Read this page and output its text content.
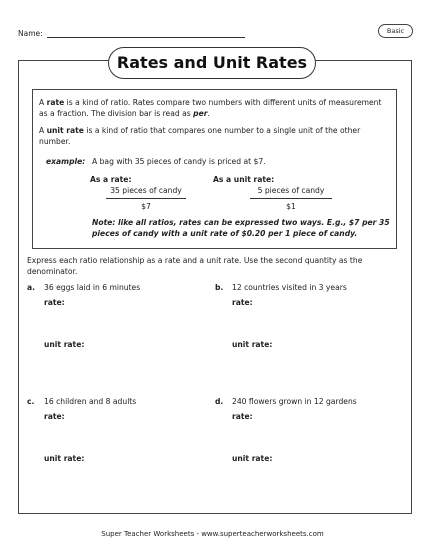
Name:	Basic
Rates and Unit Rates
A rate is a kind of ratio. Rates compare two numbers with different units of measurement as a fraction. The division bar is read as per.
A unit rate is a kind of ratio that compares one number to a single unit of the other number.
example: A bag with 35 pieces of candy is priced at $7.
As a rate:	As a unit rate:
35 pieces of candy
$7
5 pieces of candy
$1
Note: like all ratios, rates can be expressed two ways. E.g., $7 per 35 pieces of candy with a unit rate of $0.20 per 1 piece of candy.
Express each ratio relationship as a rate and a unit rate. Use the second quantity as the denominator.
a. 36 eggs laid in 6 minutes
rate:
unit rate:
b. 12 countries visited in 3 years
rate:
unit rate:
c. 16 children and 8 adults
rate:
unit rate:
d. 240 flowers grown in 12 gardens
rate:
unit rate:
Super Teacher Worksheets - www.superteacherworksheets.com
